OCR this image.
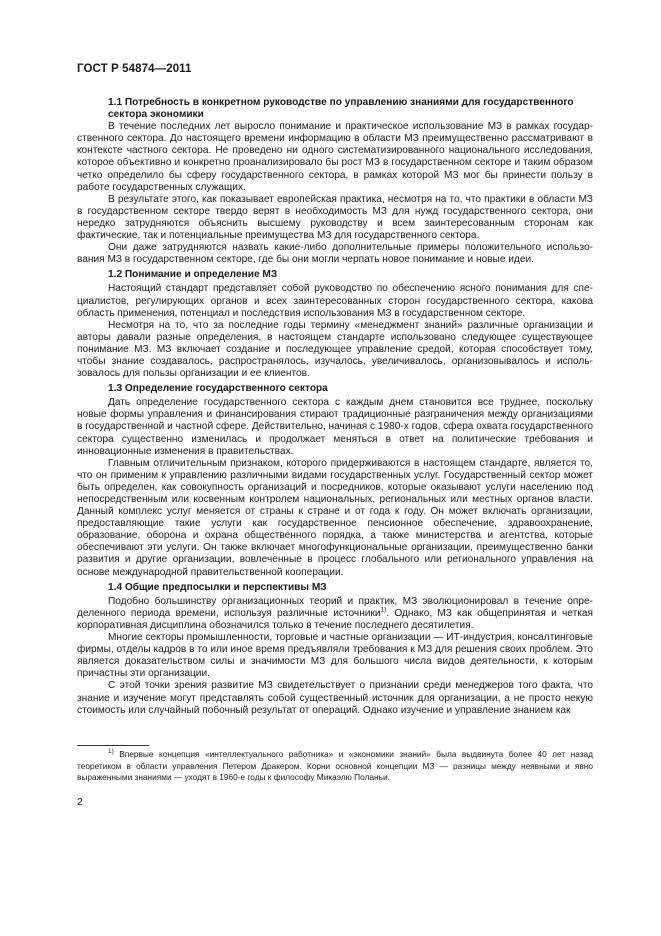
ГОСТ Р 54874—2011
1.1 Потребность в конкретном руководстве по управлению знаниями для государственного сектора экономики

В течение последних лет выросло понимание и практическое использование МЗ в рамках государственного сектора. До настоящего времени информацию в области МЗ преимущественно рассматривают в контексте частного сектора. Не проведено ни одного систематизированного национального исследования, которое объективно и конкретно проанализировало бы рост МЗ в государственном секторе и таким образом четко определило бы сферу государственного сектора, в рамках которой МЗ мог бы принести пользу в работе государственных служащих.

В результате этого, как показывает европейская практика, несмотря на то, что практики в области МЗ в государственном секторе твердо верят в необходимость МЗ для нужд государственного сектора, они нередко затрудняются объяснить высшему руководству и всем заинтересованным сторонам как фактические, так и потенциальные преимущества МЗ для государственного сектора.

Они даже затрудняются назвать какие-либо дополнительные примеры положительного использования МЗ в государственном секторе, где бы они могли черпать новое понимание и новые идеи.

1.2 Понимание и определение МЗ

Настоящий стандарт представляет собой руководство по обеспечению ясного понимания для специалистов, регулирующих органов и всех заинтересованных сторон государственного сектора, какова область применения, потенциал и последствия использования МЗ в государственном секторе.

Несмотря на то, что за последние годы термину «менеджмент знаний» различные организации и авторы давали разные определения, в настоящем стандарте использовано следующее существующее понимание МЗ. МЗ включает создание и последующее управление средой, которая способствует тому, чтобы знание создавалось, распространялось, изучалось, увеличивалось, организовывалось и использовалось для пользы организации и ее клиентов.

1.3 Определение государственного сектора

Дать определение государственного сектора с каждым днем становится все труднее, поскольку новые формы управления и финансирования стирают традиционные разграничения между организациями в государственной и частной сфере. Действительно, начиная с 1980-х годов, сфера охвата государственного сектора существенно изменилась и продолжает меняться в ответ на политические требования и инновационные изменения в правительствах.

Главным отличительным признаком, которого придерживаются в настоящем стандарте, является то, что он применим к управлению различными видами государственных услуг. Государственный сектор может быть определен, как совокупность организаций и посредников, которые оказывают услуги населению под непосредственным или косвенным контролем национальных, региональных или местных органов власти. Данный комплекс услуг меняется от страны к стране и от года к году. Он может включать организации, предоставляющие такие услуги как государственное пенсионное обеспечение, здравоохранение, образование, оборона и охрана общественного порядка, а также министерства и агентства, которые обеспечивают эти услуги. Он также включает многофункциональные организации, преимущественно банки развития и другие организации, вовлеченные в процесс глобального или регионального управления на основе международной правительственной кооперации.

1.4 Общие предпосылки и перспективы МЗ

Подобно большинству организационных теорий и практик, МЗ эволюционировал в течение определенного периода времени, используя различные источники$^{1)}$. Однако, МЗ как общепринятая и четкая корпоративная дисциплина обозначился только в течение последнего десятилетия.

Многие секторы промышленности, торговые и частные организации — ИТ-индустрия, консалтинговые фирмы, отделы кадров в то или иное время предъявляли требования к МЗ для решения своих проблем. Это является доказательством силы и значимости МЗ для большого числа видов деятельности, к которым причастны эти организации.

С этой точки зрения развитие МЗ свидетельствует о признании среди менеджеров того факта, что знание и изучение могут представлять собой существенный источник для организации, а не просто некую стоимость или случайный побочный результат от операций. Однако изучение и управление знанием как

$^{1)}$ Впервые концепция «интеллектуального работника» и «экономики знаний» была выдвинута более 40 лет назад теоретиком в области управления Петером Дракером. Корни основной концепции МЗ — разницы между неявными и явно выраженными знаниями — уходят в 1960-е годы к философу Микаэлю Поланьи.
2
